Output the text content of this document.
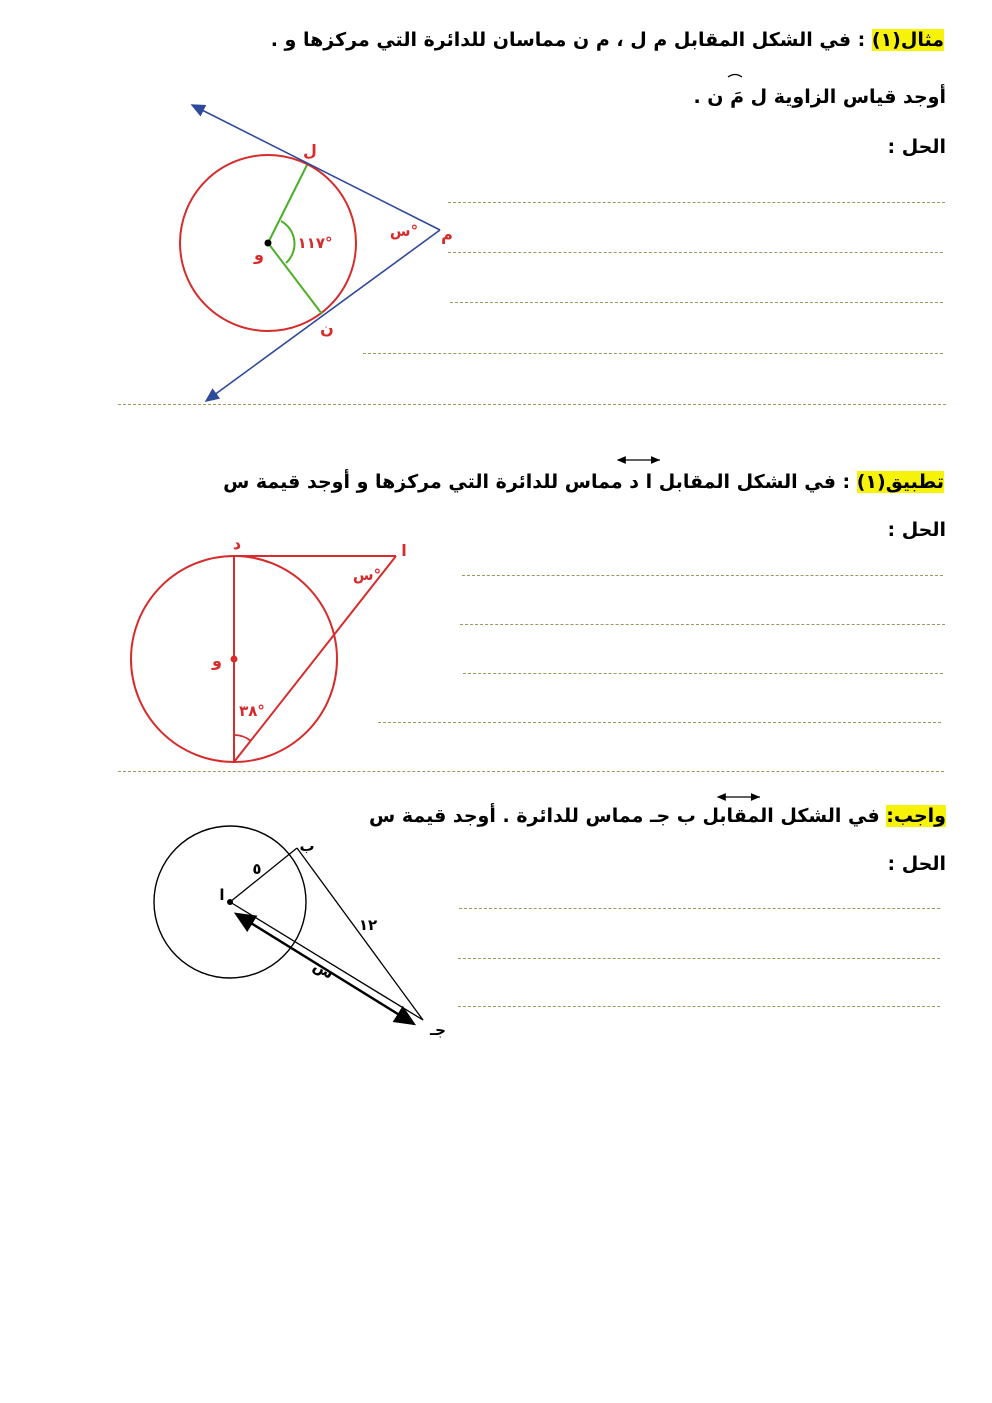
مثال(١) : في الشكل المقابل م ل ، م ن مماسان للدائرة التي مركزها و .
أوجد قياس الزاوية ل مَ ن .
الحل :
تطبيق(١) : في الشكل المقابل ا د مماس للدائرة التي مركزها و أوجد قيمة س
الحل :
واجب: في الشكل المقابل ب جـ مماس للدائرة . أوجد قيمة س
الحل :
ل
ن
م
و
١١٧°
س°
د	ا
و
س°
٣٨°
ا
ب
جـ
٥
١٢
س
